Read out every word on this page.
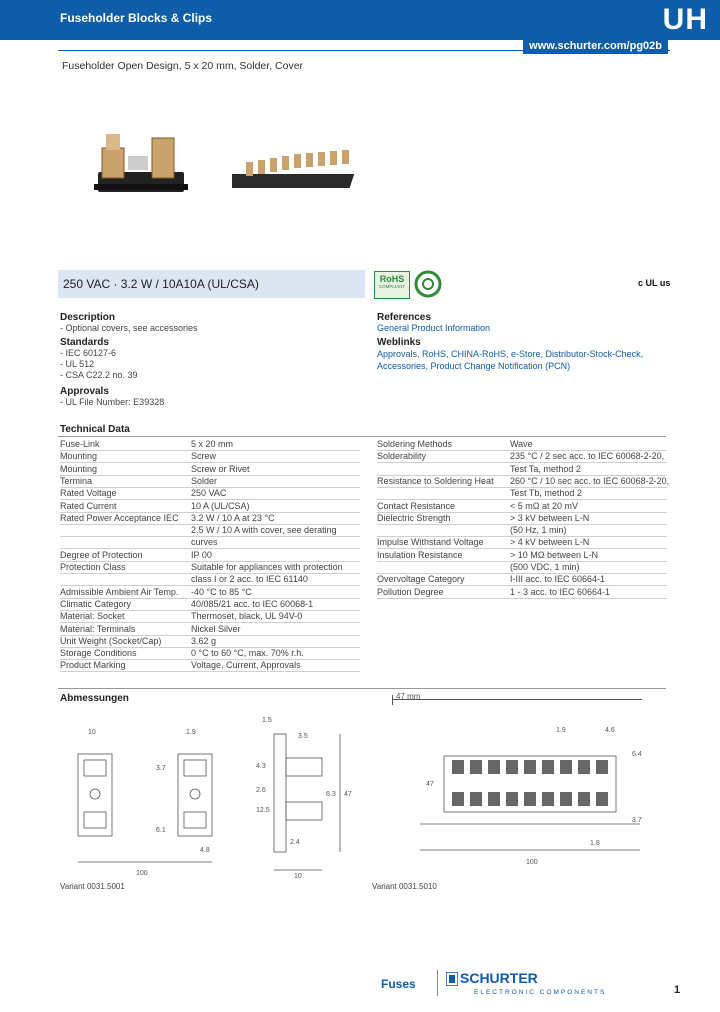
Fuseholder Blocks & Clips	UH
www.schurter.com/pg02b
Fuseholder Open Design, 5 x 20 mm, Solder, Cover
250 VAC · 3.2 W / 10A10A (UL/CSA)	RoHS
COMPLIANT	c UL us
Description
- Optional covers, see accessories
Standards
- IEC 60127-6
- UL 512
- CSA C22.2 no. 39
Approvals
- UL File Number: E39328
References
General Product Information
Weblinks
Approvals, RoHS, CHINA-RoHS, e-Store, Distributor-Stock-Check,
Accessories, Product Change Notification (PCN)
Technical Data
Fuse-Link	5 x 20 mm
Mounting	Screw
Mounting	Screw or Rivet
Termina	Solder
Rated Voltage	250 VAC
Rated Current	10 A (UL/CSA)
Rated Power Acceptance IEC 3.2 W / 10 A at 23 °C
2.5 W / 10 A with cover, see derating
curves
Degree of Protection	IP 00
Protection Class	Suitable for appliances with protection
class I or 2 acc. to IEC 61140
Admissible Ambient Air Temp. -40 °C to 85 °C
Climatic Category	40/085/21 acc. to IEC 60068-1
Material: Socket	Thermoset, black, UL 94V-0
Material: Terminals	Nickel Silver
Unit Weight (Socket/Cap)	3.62 g
Storage Conditions	0 °C to 60 °C, max. 70% r.h.
Product Marking	Voltage, Current, Approvals
Soldering Methods	Wave
Solderability	235 °C / 2 sec acc. to IEC 60068-2-20,
Test Ta, method 2
Resistance to Soldering Heat 260 °C / 10 sec acc. to IEC 60068-2-20,
Test Tb, method 2
Contact Resistance	< 5 mΩ at 20 mV
Dielectric Strength	> 3 kV between L-N
(50 Hz, 1 min)
Impulse Withstand Voltage	> 4 kV between L-N
Insulation Resistance	> 10 MΩ between L-N
(500 VDC, 1 min)
Overvoltage Category	I-III acc. to IEC 60664-1
Pollution Degree	1 - 3 acc. to IEC 60664-1
Abmessungen	47 mm
10	1.9
3.7
6.1
4.8
100
1.5
3.5
4.3
2.6
12.5
6.3 47
2.4
10
1.9	4.6
6.4
3.7
1.8
100
47
Variant 0031.5001	Variant 0031.5010
Fuses	SCHURTER
ELECTRONIC COMPONENTS	1
